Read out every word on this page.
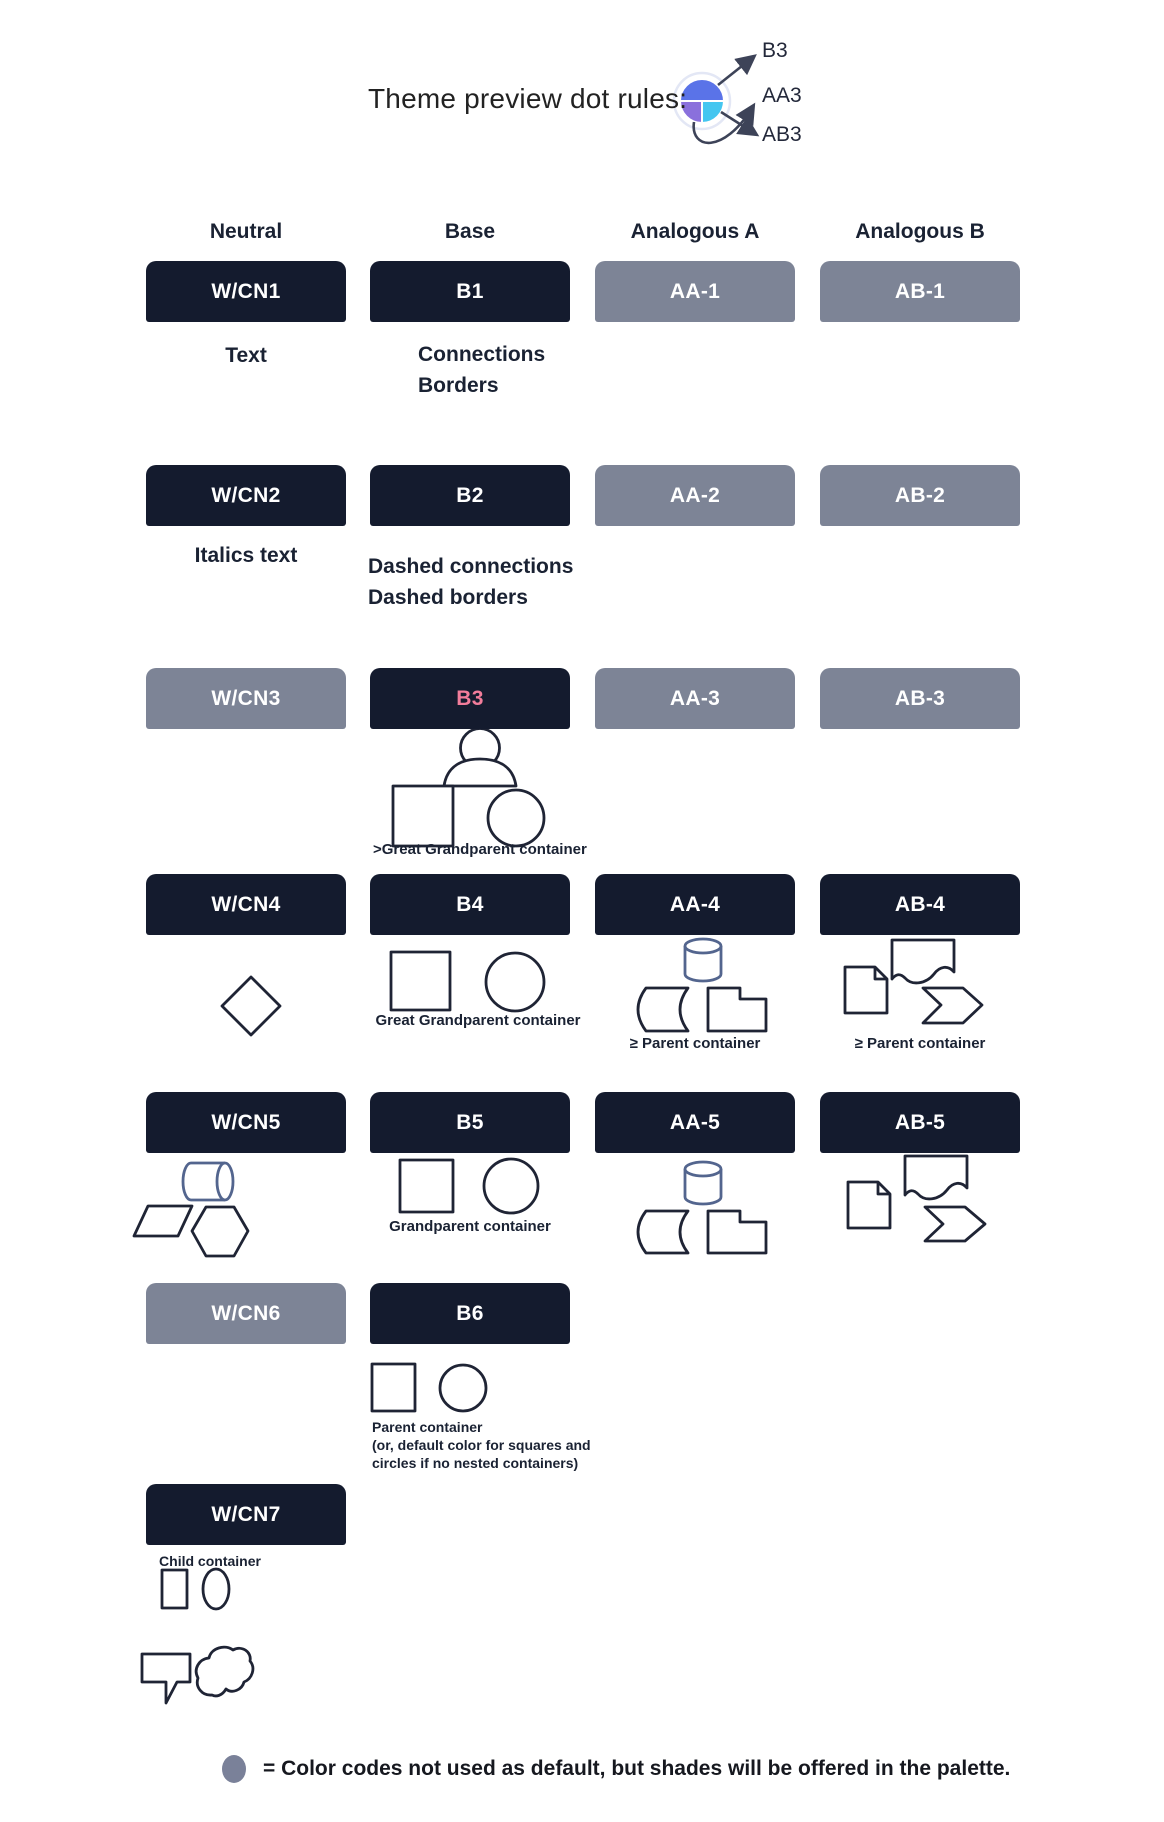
Theme preview dot rules:
B3
AA3
AB3
Neutral	Base	Analogous A	Analogous B
W/CN1	B1	AA-1	AB-1
Text	Connections
Borders
W/CN2	B2	AA-2	AB-2
Italics text	Dashed connections
Dashed borders
W/CN3	B3	AA-3	AB-3
>Great Grandparent container
W/CN4	B4	AA-4	AB-4
Great Grandparent container
≥ Parent container	≥ Parent container
W/CN5	B5	AA-5	AB-5
Grandparent container
W/CN6	B6
Parent container
(or, default color for squares and
circles if no nested containers)
W/CN7
Child container
= Color codes not used as default, but shades will be offered in the palette.
